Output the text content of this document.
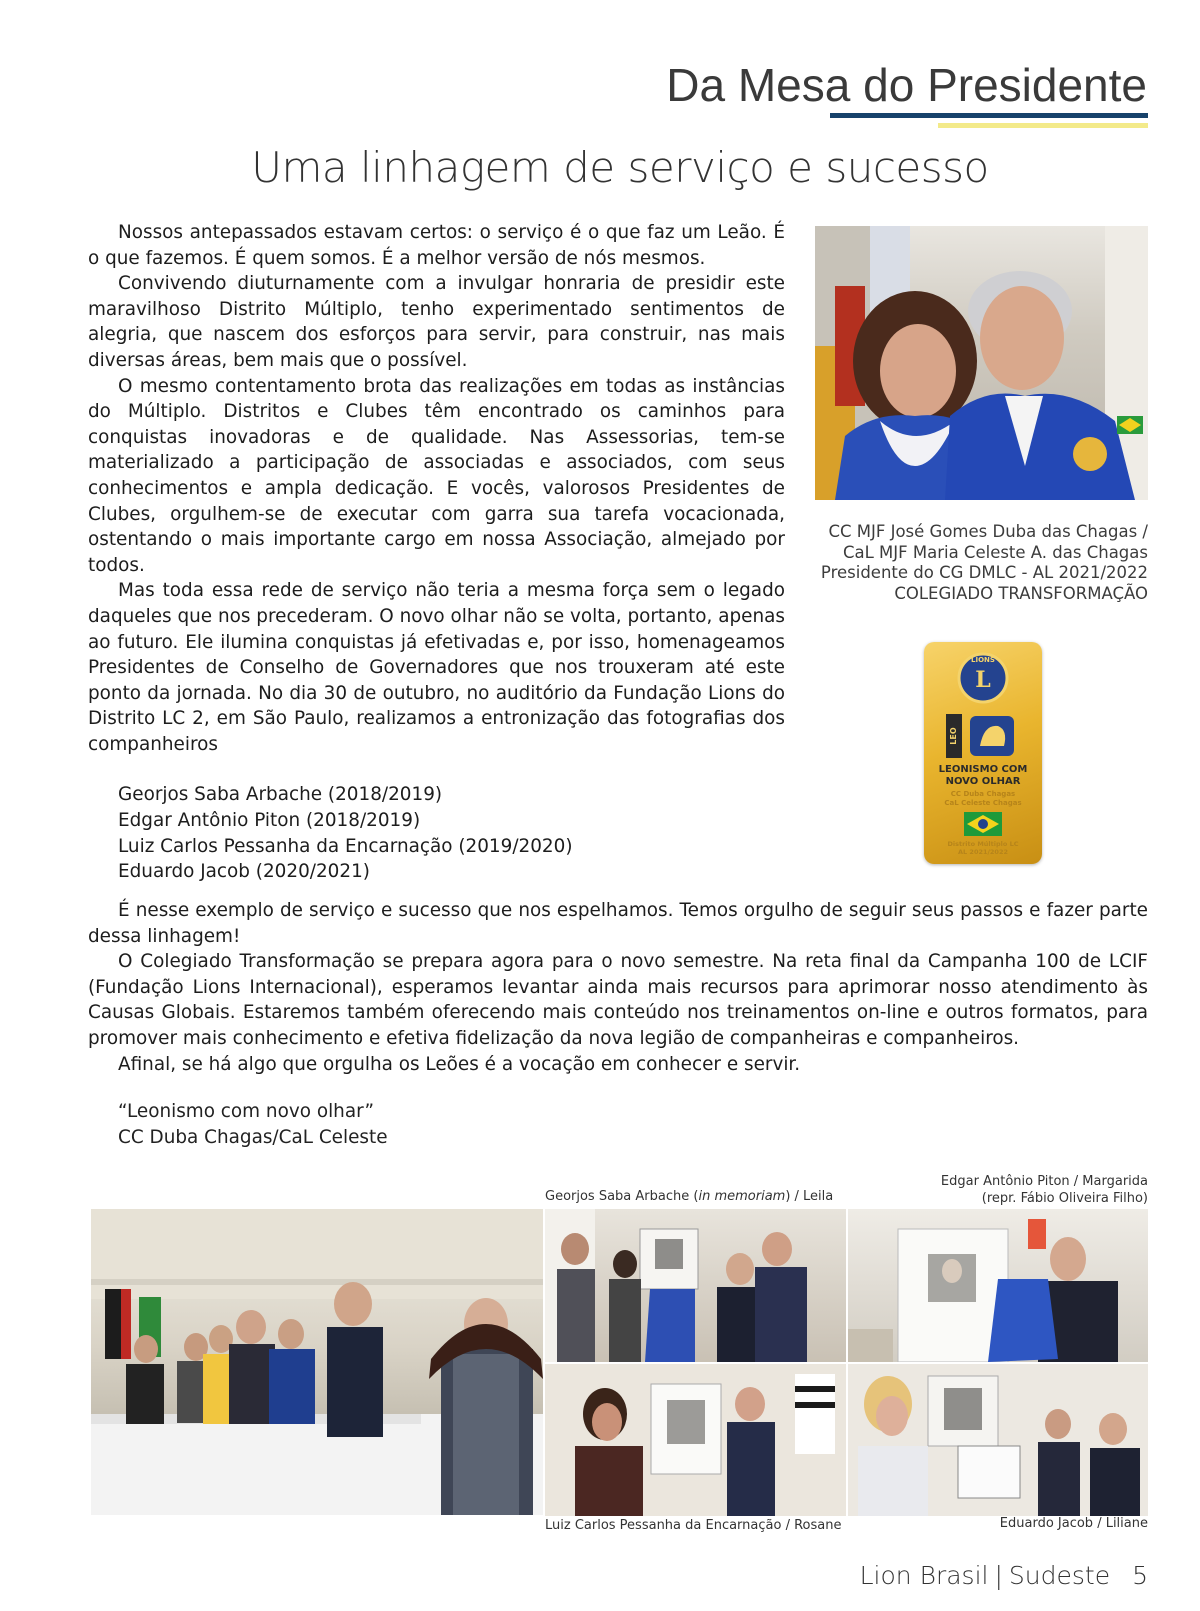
Da Mesa do Presidente
Uma linhagem de serviço e sucesso

Nossos antepassados estavam certos: o serviço é o que faz um Leão. É o que fazemos. É quem somos. É a melhor versão de nós mesmos.

Convivendo diuturnamente com a invulgar honraria de presidir este maravilhoso Distrito Múltiplo, tenho experimentado sentimentos de alegria, que nascem dos esforços para servir, para construir, nas mais diversas áreas, bem mais que o possível.

O mesmo contentamento brota das realizações em todas as instâncias do Múltiplo. Distritos e Clubes têm encontrado os caminhos para conquistas inovadoras e de qualidade. Nas Assessorias, tem-se materializado a participação de associadas e associados, com seus conhecimentos e ampla dedicação. E vocês, valorosos Presidentes de Clubes, orgulhem-se de executar com garra sua tarefa vocacionada, ostentando o mais importante cargo em nossa Associação, almejado por todos.

Mas toda essa rede de serviço não teria a mesma força sem o legado daqueles que nos precederam. O novo olhar não se volta, portanto, apenas ao futuro. Ele ilumina conquistas já efetivadas e, por isso, homenageamos Presidentes de Conselho de Governadores que nos trouxeram até este ponto da jornada. No dia 30 de outubro, no auditório da Fundação Lions do Distrito LC 2, em São Paulo, realizamos a entronização das fotografias dos companheiros

Georjos Saba Arbache (2018/2019)
Edgar Antônio Piton (2018/2019)
Luiz Carlos Pessanha da Encarnação (2019/2020)
Eduardo Jacob (2020/2021)
CC MJF José Gomes Duba das Chagas /
CaL MJF Maria Celeste A. das Chagas
Presidente do CG DMLC - AL 2021/2022
COLEGIADO TRANSFORMAÇÃO
LIONS
L
LEO
LEONISMO COM
NOVO OLHAR
CC Duba Chagas
CaL Celeste Chagas
Distrito Múltiplo LC
AL 2021/2022

É nesse exemplo de serviço e sucesso que nos espelhamos. Temos orgulho de seguir seus passos e fazer parte dessa linhagem!

O Colegiado Transformação se prepara agora para o novo semestre. Na reta final da Campanha 100 de LCIF (Fundação Lions Internacional), esperamos levantar ainda mais recursos para aprimorar nosso atendimento às Causas Globais. Estaremos também oferecendo mais conteúdo nos treinamentos on-line e outros formatos, para promover mais conhecimento e efetiva fidelização da nova legião de companheiras e companheiros.

Afinal, se há algo que orgulha os Leões é a vocação em conhecer e servir.

“Leonismo com novo olhar”
CC Duba Chagas/CaL Celeste
Georjos Saba Arbache (in memoriam) / Leila
Edgar Antônio Piton / Margarida
(repr. Fábio Oliveira Filho)
Luiz Carlos Pessanha da Encarnação / Rosane	Eduardo Jacob / Liliane
Lion Brasil | Sudeste 5
